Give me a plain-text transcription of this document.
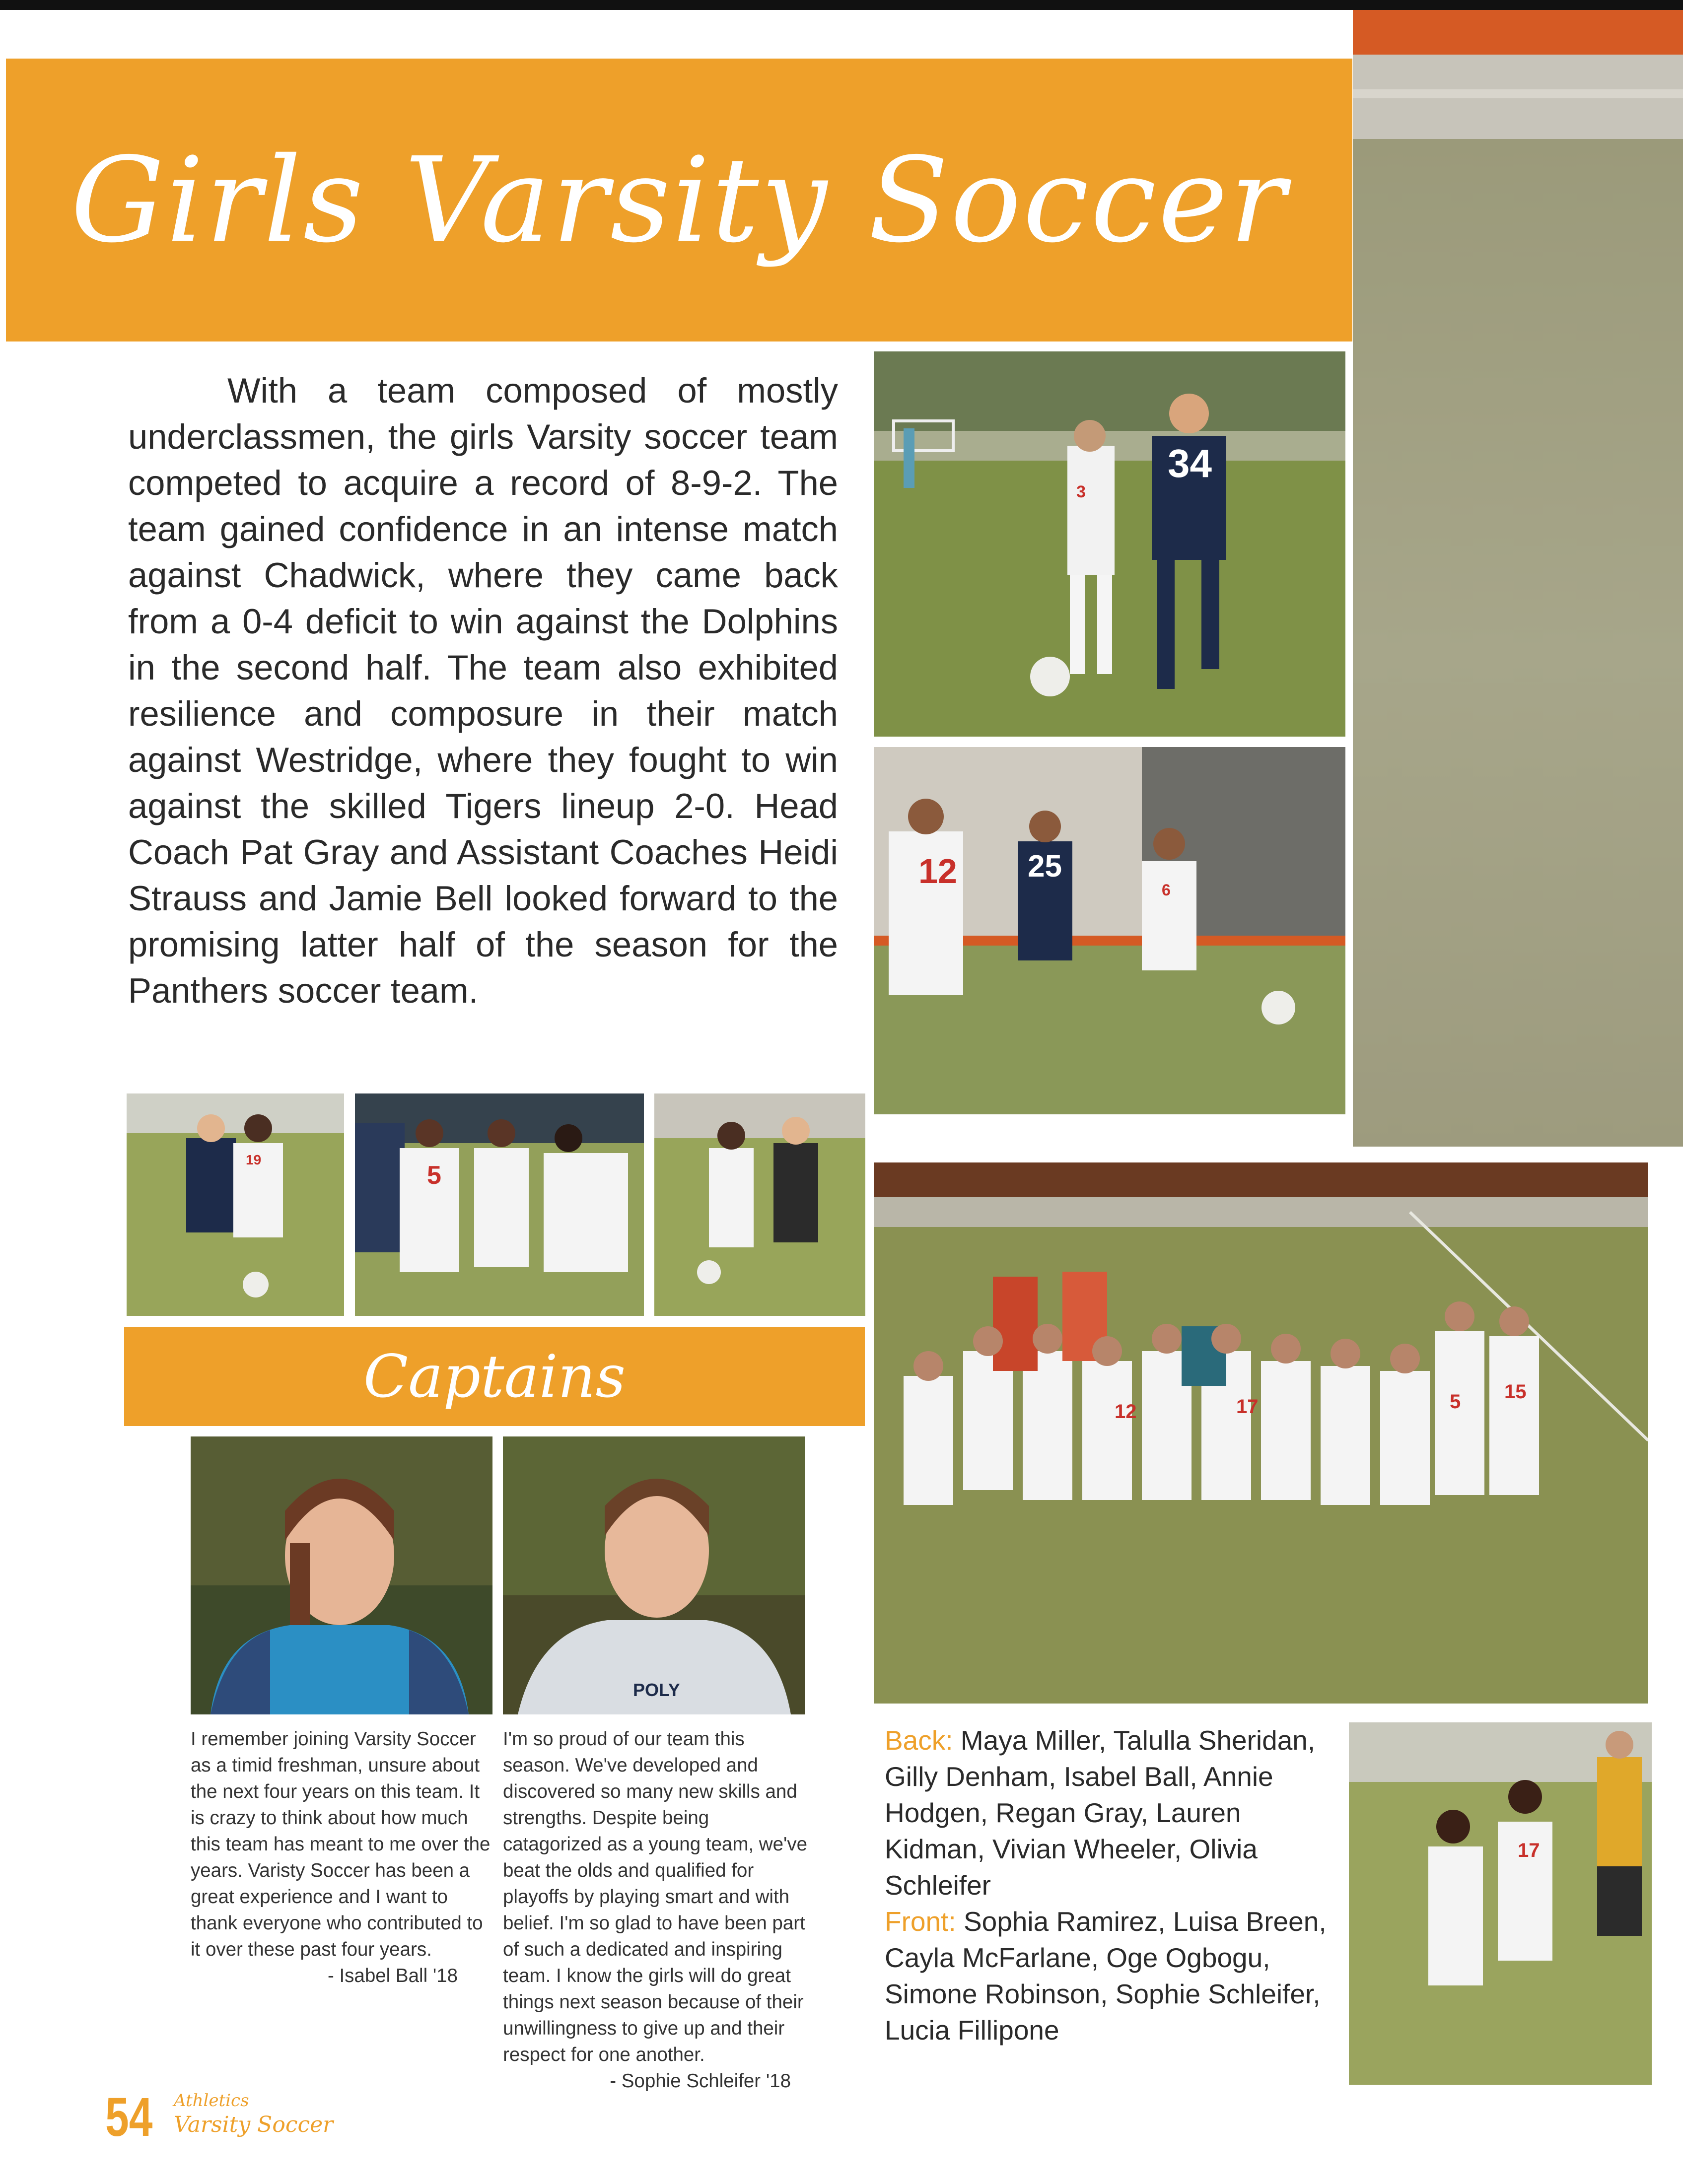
Girls Varsity Soccer
With a team composed of mostly underclassmen, the girls Varsity soccer team competed to acquire a record of 8-9-2. The team gained confidence in an intense match against Chadwick, where they came back from a 0-4 deficit to win against the Dolphins in the second half. The team also exhibited resilience and composure in their match against Westridge, where they fought to win against the skilled Tigers lineup 2-0. Head Coach Pat Gray and Assistant Coaches Heidi Strauss and Jamie Bell looked forward to the promising latter half of the season for the Panthers soccer team.
3
34
12 25
6
19
5
Captains
POLY
I remember joining Varsity Soccer as a timid freshman, unsure about the next four years on this team. It is crazy to think about how much this team has meant to me over the years. Varisty Soccer has been a great experience and I want to thank everyone who contributed to it over these past four years.
- Isabel Ball '18
I'm so proud of our team this season. We've developed and discovered so many new skills and strengths. Despite being catagorized as a young team, we've beat the olds and qualified for playoffs by playing smart and with belief. I'm so glad to have been part of such a dedicated and inspiring team. I know the girls will do great things next season because of their unwillingness to give up and their respect for one another.
- Sophie Schleifer '18
12	17	5 15

Back: Maya Miller, Talulla Sheridan, Gilly Denham, Isabel Ball, Annie Hodgen, Regan Gray, Lauren Kidman, Vivian Wheeler, Olivia Schleifer

Front: Sophia Ramirez, Luisa Breen, Cayla McFarlane, Oge Ogbogu, Simone Robinson, Sophie Schleifer, Lucia Fillipone

17
54 Athletics
Varsity Soccer
